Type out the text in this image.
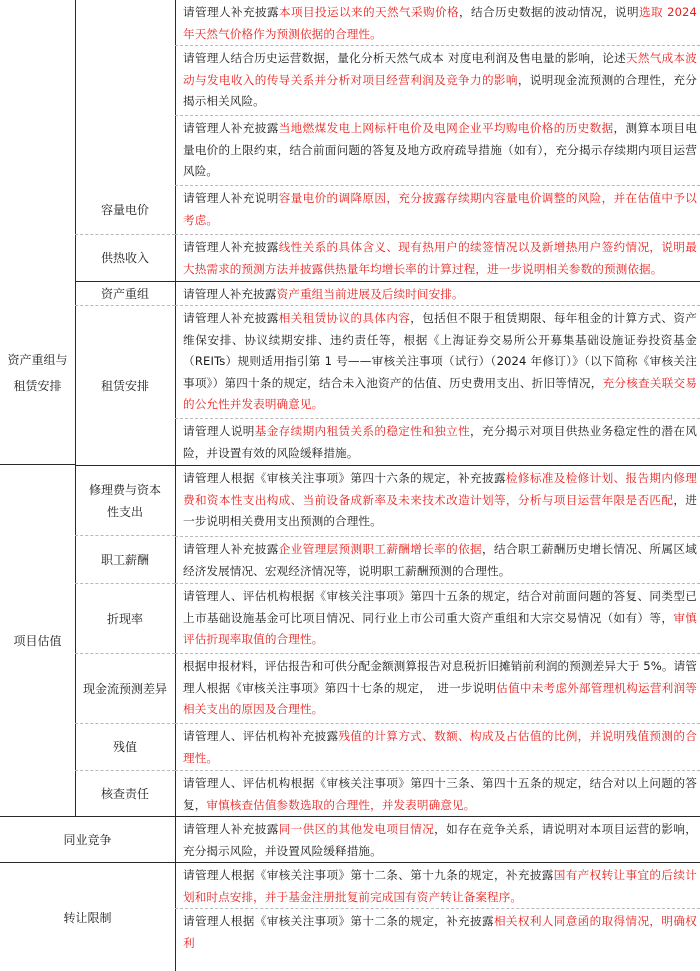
容量电价
供热收入
资产重组
租赁安排
修理费与资本性支出
职工薪酬
折现率
现金流预测差异
残值
核查责任
资产重组与租赁安排
项目估值
同业竞争
转让限制
请管理人补充披露本项目投运以来的天然气采购价格，结合历史数据的波动情况，说明选取 2024 年天然气价格作为预测依据的合理性。
请管理人结合历史运营数据，量化分析天然气成本 对度电利润及售电量的影响，论述天然气成本波动与发电收入的传导关系并分析对项目经营利润及竞争力的影响，说明现金流预测的合理性，充分揭示相关风险。
请管理人补充披露当地燃煤发电上网标杆电价及电网企业平均购电价格的历史数据，测算本项目电量电价的上限约束，结合前面问题的答复及地方政府疏导措施（如有），充分揭示存续期内项目运营风险。
请管理人补充说明容量电价的调降原因，充分披露存续期内容量电价调整的风险，并在估值中予以考虑。
请管理人补充披露线性关系的具体含义、现有热用户的续签情况以及新增热用户签约情况，说明最大热需求的预测方法并披露供热量年均增长率的计算过程，进一步说明相关参数的预测依据。
请管理人补充披露资产重组当前进展及后续时间安排。
请管理人补充披露相关租赁协议的具体内容，包括但不限于租赁期限、每年租金的计算方式、资产维保安排、协议续期安排、违约责任等，根据《上海证券交易所公开募集基础设施证券投资基金（REITs）规则适用指引第 1 号——审核关注事项（试行）（2024 年修订）》（以下简称《审核关注事项》）第四十条的规定，结合未入池资产的估值、历史费用支出、折旧等情况，充分核查关联交易的公允性并发表明确意见。
请管理人说明基金存续期内租赁关系的稳定性和独立性，充分揭示对项目供热业务稳定性的潜在风险，并设置有效的风险缓释措施。
请管理人根据《审核关注事项》第四十六条的规定，补充披露检修标准及检修计划、报告期内修理费和资本性支出构成、当前设备成新率及未来技术改造计划等，分析与项目运营年限是否匹配，进一步说明相关费用支出预测的合理性。
请管理人补充披露企业管理层预测职工薪酬增长率的依据，结合职工薪酬历史增长情况、所属区域经济发展情况、宏观经济情况等，说明职工薪酬预测的合理性。
请管理人、评估机构根据《审核关注事项》第四十五条的规定，结合对前面问题的答复、同类型已上市基础设施基金可比项目情况、同行业上市公司重大资产重组和大宗交易情况（如有）等，审慎评估折现率取值的合理性。
根据申报材料，评估报告和可供分配金额测算报告对息税折旧摊销前利润的预测差异大于 5%。请管理人根据《审核关注事项》第四十七条的规定，　进一步说明估值中未考虑外部管理机构运营利润等相关支出的原因及合理性。
请管理人、评估机构补充披露残值的计算方式、数额、构成及占估值的比例，并说明残值预测的合理性。
请管理人、评估机构根据《审核关注事项》第四十三条、第四十五条的规定，结合对以上问题的答复，审慎核查估值参数选取的合理性，并发表明确意见。
请管理人补充披露同一供区的其他发电项目情况，如存在竞争关系，请说明对本项目运营的影响，充分揭示风险，并设置风险缓释措施。
请管理人根据《审核关注事项》第十二条、第十九条的规定，补充披露国有产权转让事宜的后续计划和时点安排，并于基金注册批复前完成国有资产转让备案程序。
请管理人根据《审核关注事项》第十二条的规定，补充披露相关权利人同意函的取得情况，明确权利
